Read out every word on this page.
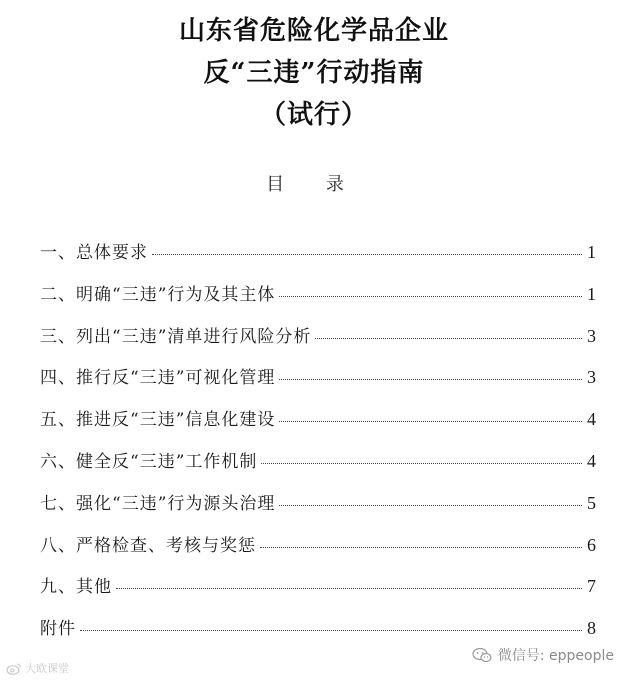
山东省危险化学品企业
反“三违”行动指南
（试行）
目 录
一、总体要求	1
二、明确“三违”行为及其主体	1
三、列出“三违”清单进行风险分析	3
四、推行反“三违”可视化管理	3
五、推进反“三违”信息化建设	4
六、健全反“三违”工作机制	4
七、强化“三违”行为源头治理	5
八、严格检查、考核与奖惩	6
九、其他	7
附件	8
大欧课堂
微信号: eppeople
